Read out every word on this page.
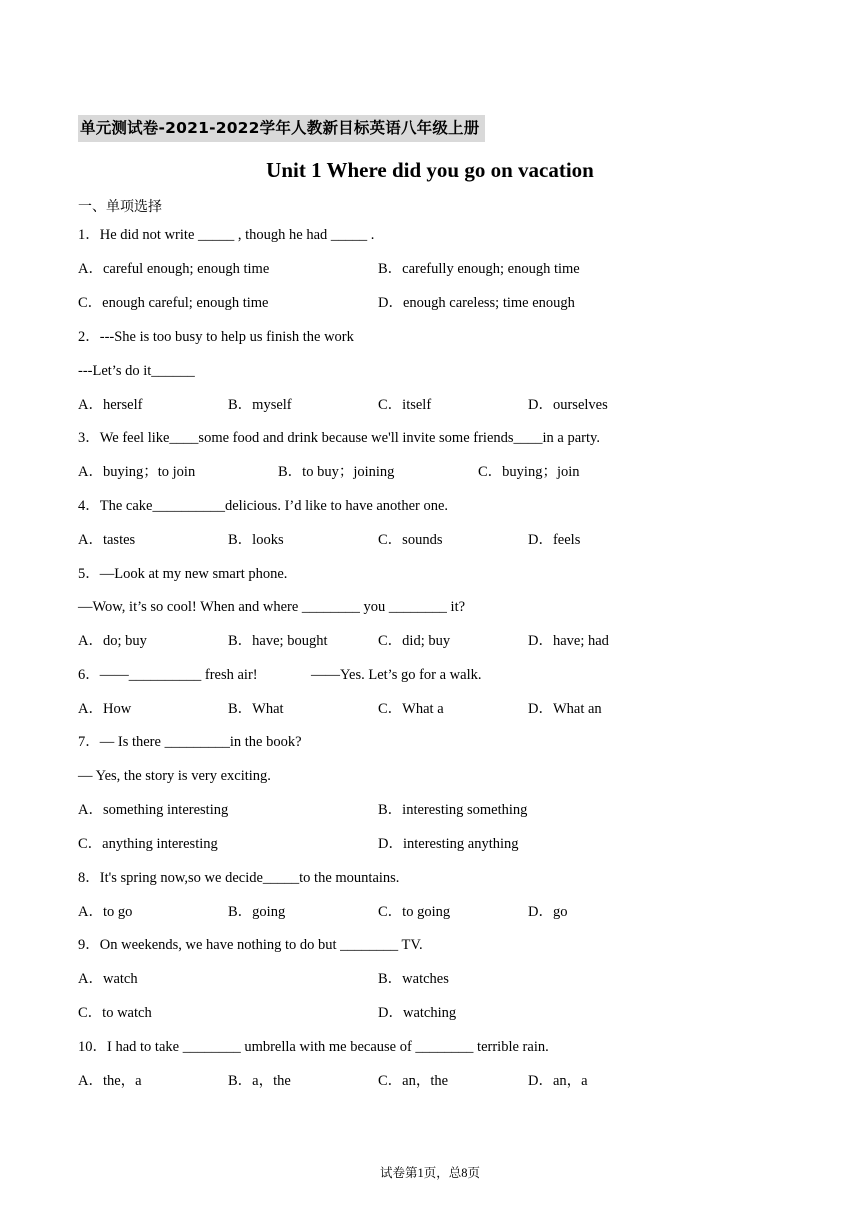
单元测试卷-2021-2022学年人教新目标英语八年级上册
Unit 1 Where did you go on vacation
一、单项选择
1．He did not write _____ , though he had _____ .
A．careful enough; enough time	B．carefully enough; enough time
C．enough careful; enough time	D．enough careless; time enough
2．---She is too busy to help us finish the work
---Let’s do it______
A．herself	B．myself	C．itself	D．ourselves
3．We feel like____some food and drink because we'll invite some friends____in a party.
A．buying；to join	B．to buy；joining	C．buying；join
4．The cake__________delicious. I’d like to have another one.
A．tastes	B．looks	C．sounds	D．feels
5．—Look at my new smart phone.
—Wow, it’s so cool! When and where ________ you ________ it?
A．do; buy	B．have; bought	C．did; buy	D．have; had
6．——__________ fresh air!	——Yes. Let’s go for a walk.
A．How	B．What	C．What a	D．What an
7．— Is there _________in the book?
— Yes, the story is very exciting.
A．something interesting	B．interesting something
C．anything interesting	D．interesting anything
8．It's spring now,so we decide_____to the mountains.
A．to go	B．going	C．to going	D．go
9．On weekends, we have nothing to do but ________ TV.
A．watch	B．watches
C．to watch	D．watching
10．I had to take ________ umbrella with me because of ________ terrible rain.
A．the，a	B．a，the	C．an，the	D．an，a
试卷第1页，总8页
